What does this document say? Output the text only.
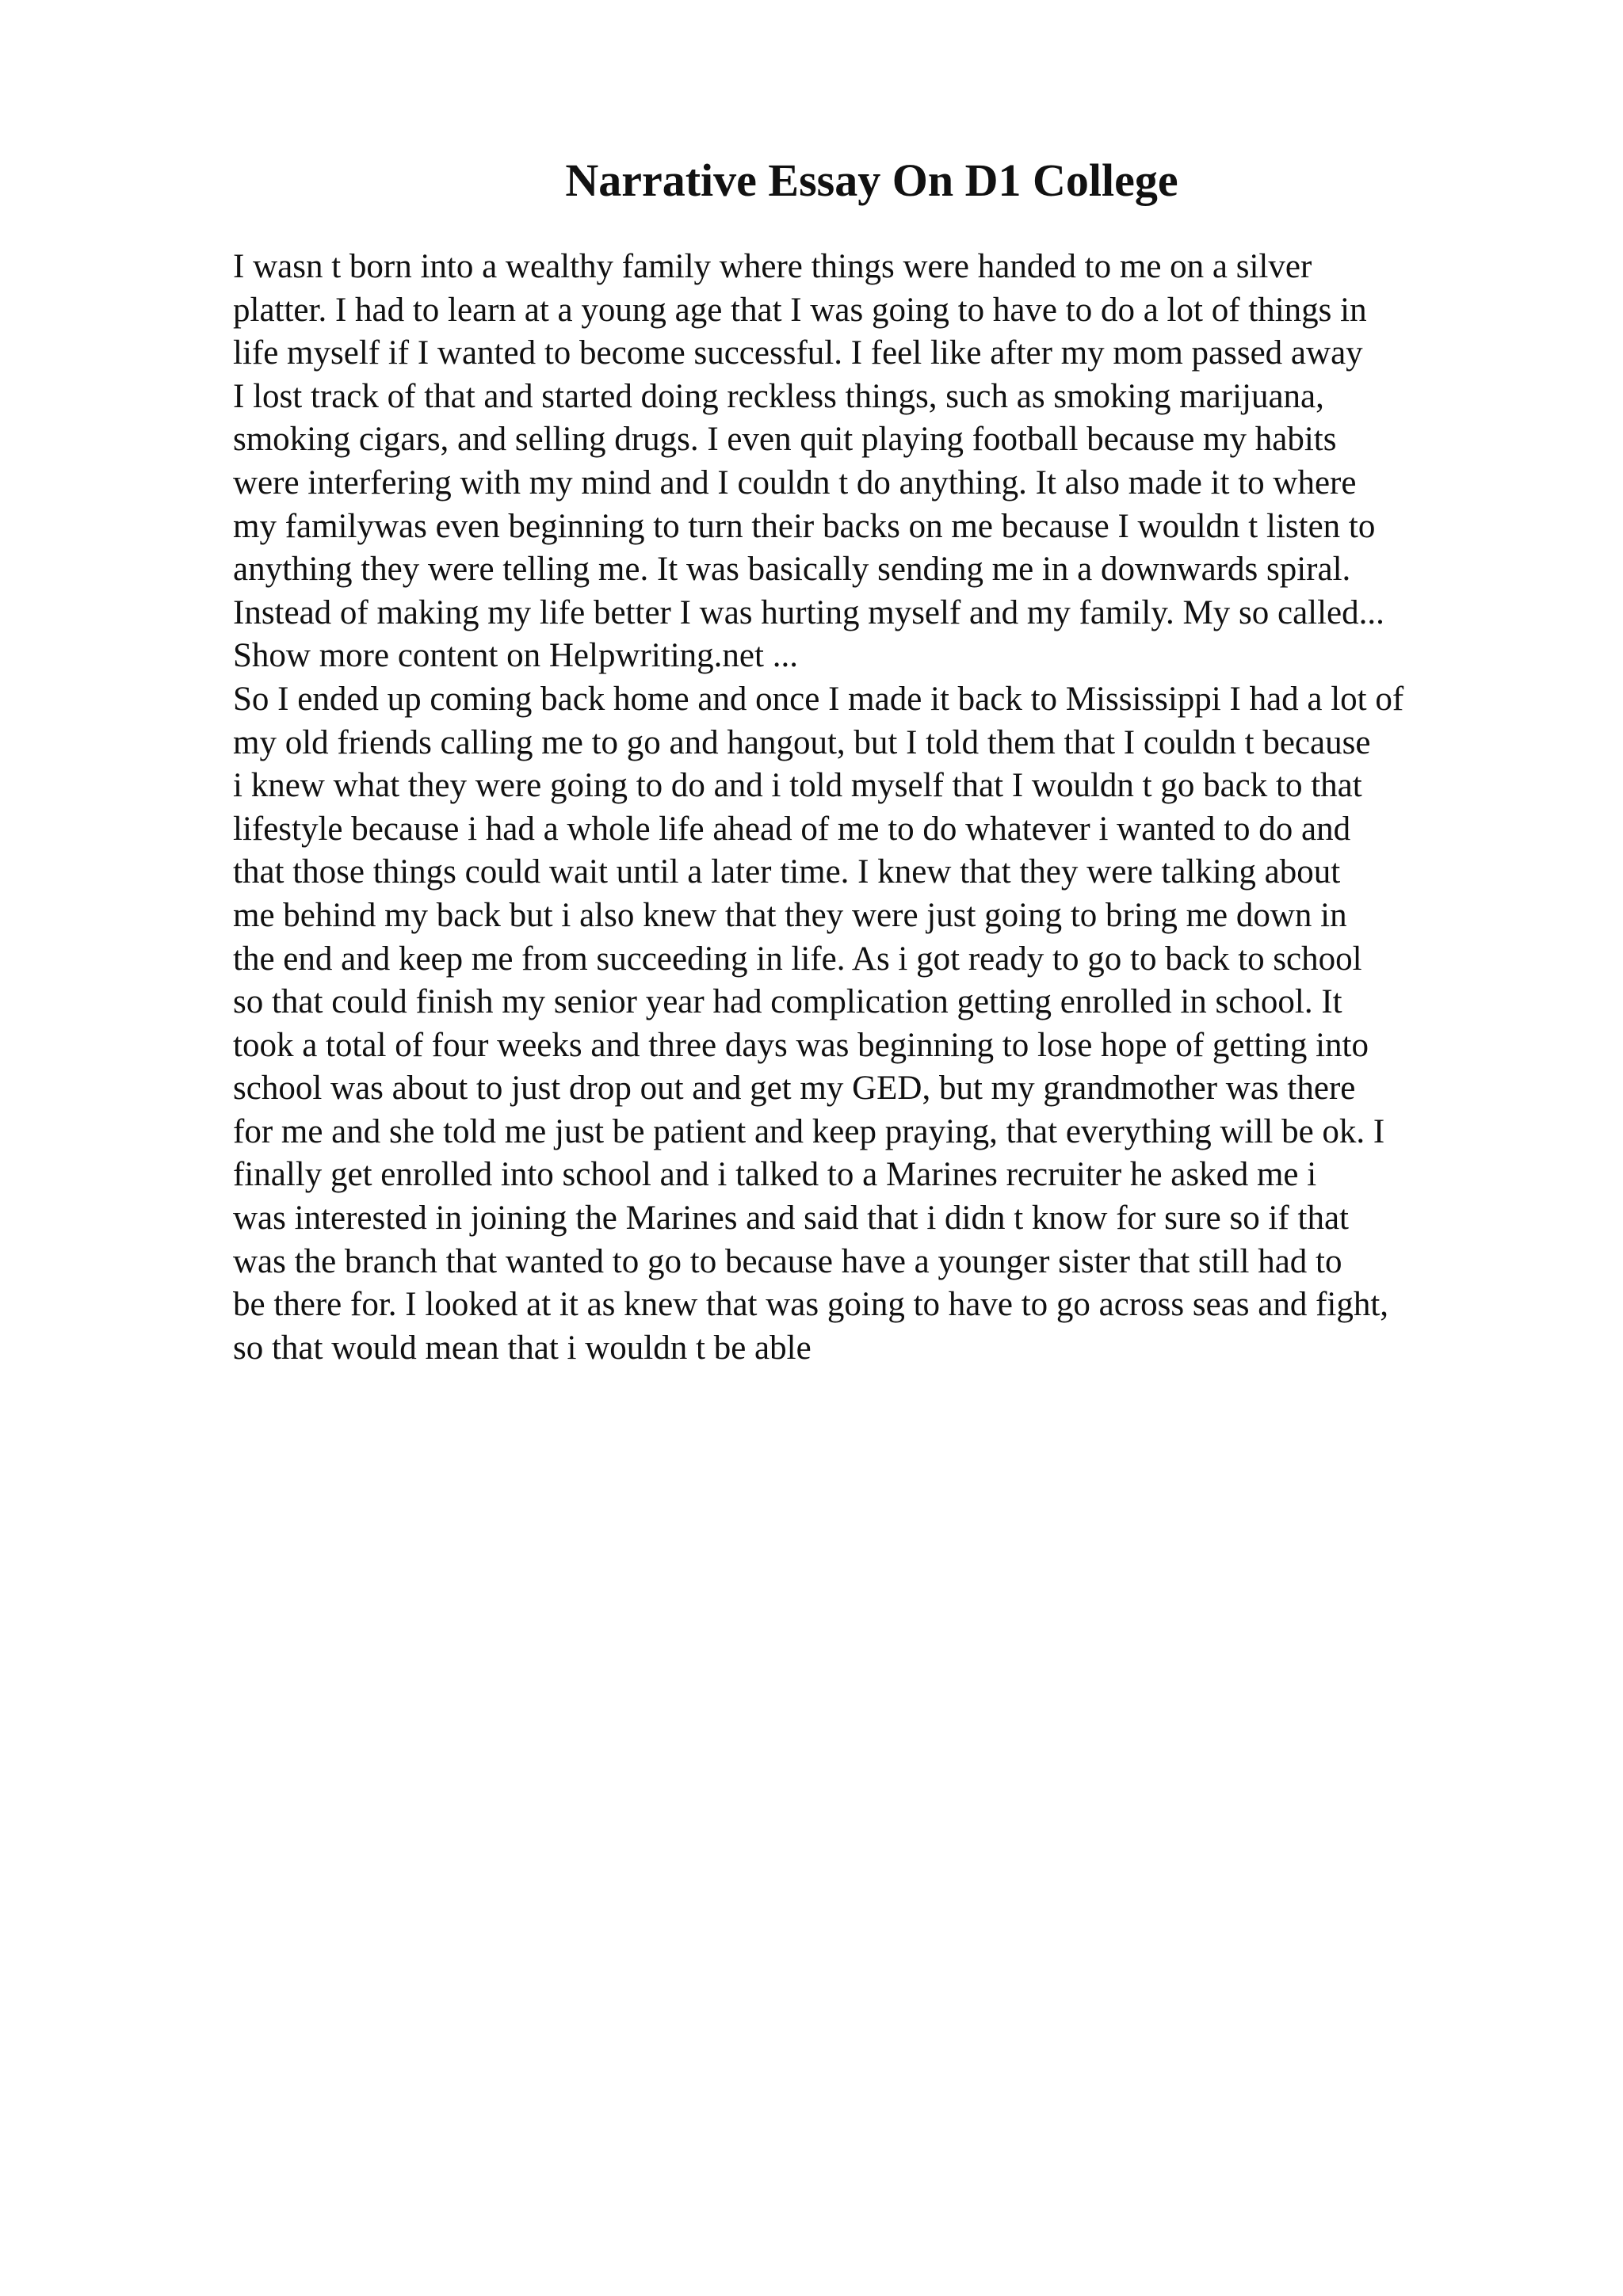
Narrative Essay On D1 College
I wasn t born into a wealthy family where things were handed to me on a silver
platter. I had to learn at a young age that I was going to have to do a lot of things in
life myself if I wanted to become successful. I feel like after my mom passed away
I lost track of that and started doing reckless things, such as smoking marijuana,
smoking cigars, and selling drugs. I even quit playing football because my habits
were interfering with my mind and I couldn t do anything. It also made it to where
my familywas even beginning to turn their backs on me because I wouldn t listen to
anything they were telling me. It was basically sending me in a downwards spiral.
Instead of making my life better I was hurting myself and my family. My so called...
Show more content on Helpwriting.net ...
So I ended up coming back home and once I made it back to Mississippi I had a lot of
my old friends calling me to go and hangout, but I told them that I couldn t because
i knew what they were going to do and i told myself that I wouldn t go back to that
lifestyle because i had a whole life ahead of me to do whatever i wanted to do and
that those things could wait until a later time. I knew that they were talking about
me behind my back but i also knew that they were just going to bring me down in
the end and keep me from succeeding in life. As i got ready to go to back to school
so that could finish my senior year had complication getting enrolled in school. It
took a total of four weeks and three days was beginning to lose hope of getting into
school was about to just drop out and get my GED, but my grandmother was there
for me and she told me just be patient and keep praying, that everything will be ok. I
finally get enrolled into school and i talked to a Marines recruiter he asked me i
was interested in joining the Marines and said that i didn t know for sure so if that
was the branch that wanted to go to because have a younger sister that still had to
be there for. I looked at it as knew that was going to have to go across seas and fight,
so that would mean that i wouldn t be able
